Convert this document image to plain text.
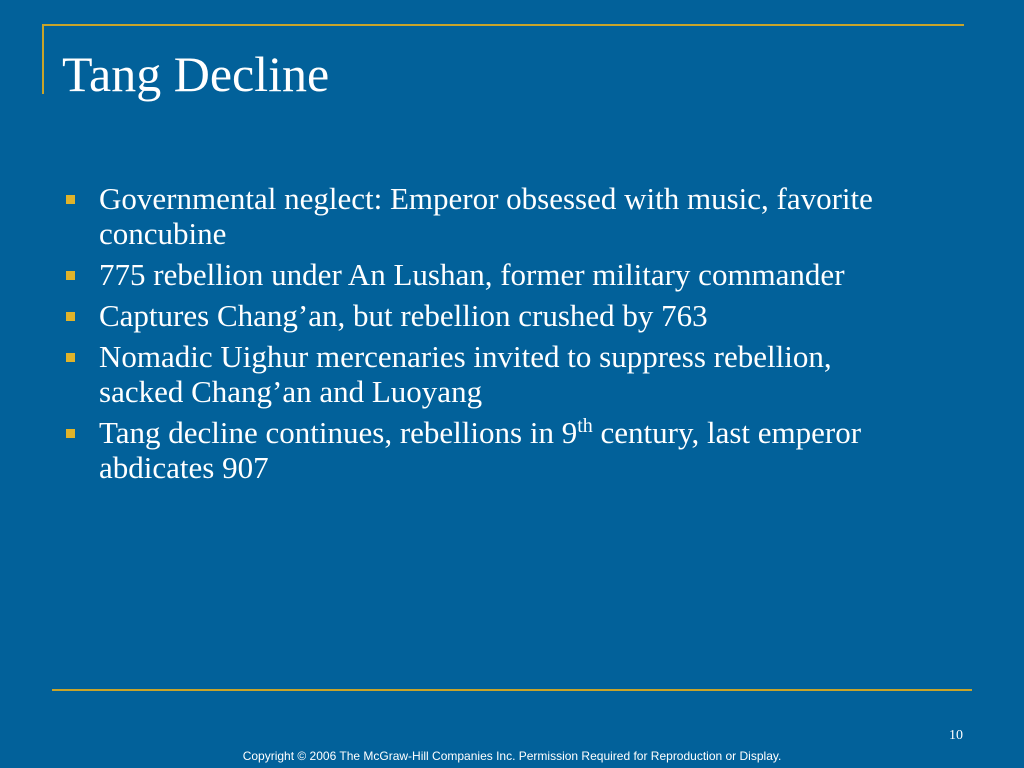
Tang Decline
Governmental neglect: Emperor obsessed with music, favorite concubine
775 rebellion under An Lushan, former military commander
Captures Chang’an, but rebellion crushed by 763
Nomadic Uighur mercenaries invited to suppress rebellion, sacked Chang’an and Luoyang
Tang decline continues, rebellions in 9th century, last emperor abdicates 907
10
Copyright © 2006 The McGraw-Hill Companies Inc. Permission Required for Reproduction or Display.
